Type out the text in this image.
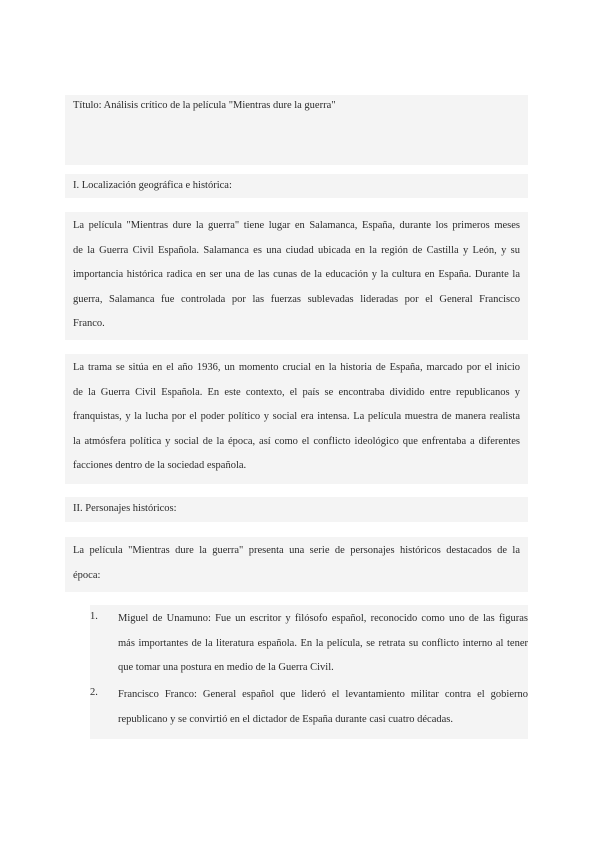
Título: Análisis crítico de la película "Mientras dure la guerra"
I. Localización geográfica e histórica:
La película "Mientras dure la guerra" tiene lugar en Salamanca, España, durante los primeros meses
de la Guerra Civil Española. Salamanca es una ciudad ubicada en la región de Castilla y León, y su
importancia histórica radica en ser una de las cunas de la educación y la cultura en España. Durante la
guerra, Salamanca fue controlada por las fuerzas sublevadas lideradas por el General Francisco
Franco.
La trama se sitúa en el año 1936, un momento crucial en la historia de España, marcado por el inicio
de la Guerra Civil Española. En este contexto, el país se encontraba dividido entre republicanos y
franquistas, y la lucha por el poder político y social era intensa. La película muestra de manera realista
la atmósfera política y social de la época, así como el conflicto ideológico que enfrentaba a diferentes
facciones dentro de la sociedad española.
II. Personajes históricos:
La película "Mientras dure la guerra" presenta una serie de personajes históricos destacados de la
época:
1.	Miguel de Unamuno: Fue un escritor y filósofo español, reconocido como uno de las figuras
más importantes de la literatura española. En la película, se retrata su conflicto interno al tener
que tomar una postura en medio de la Guerra Civil.
2.	Francisco Franco: General español que lideró el levantamiento militar contra el gobierno
republicano y se convirtió en el dictador de España durante casi cuatro décadas.
